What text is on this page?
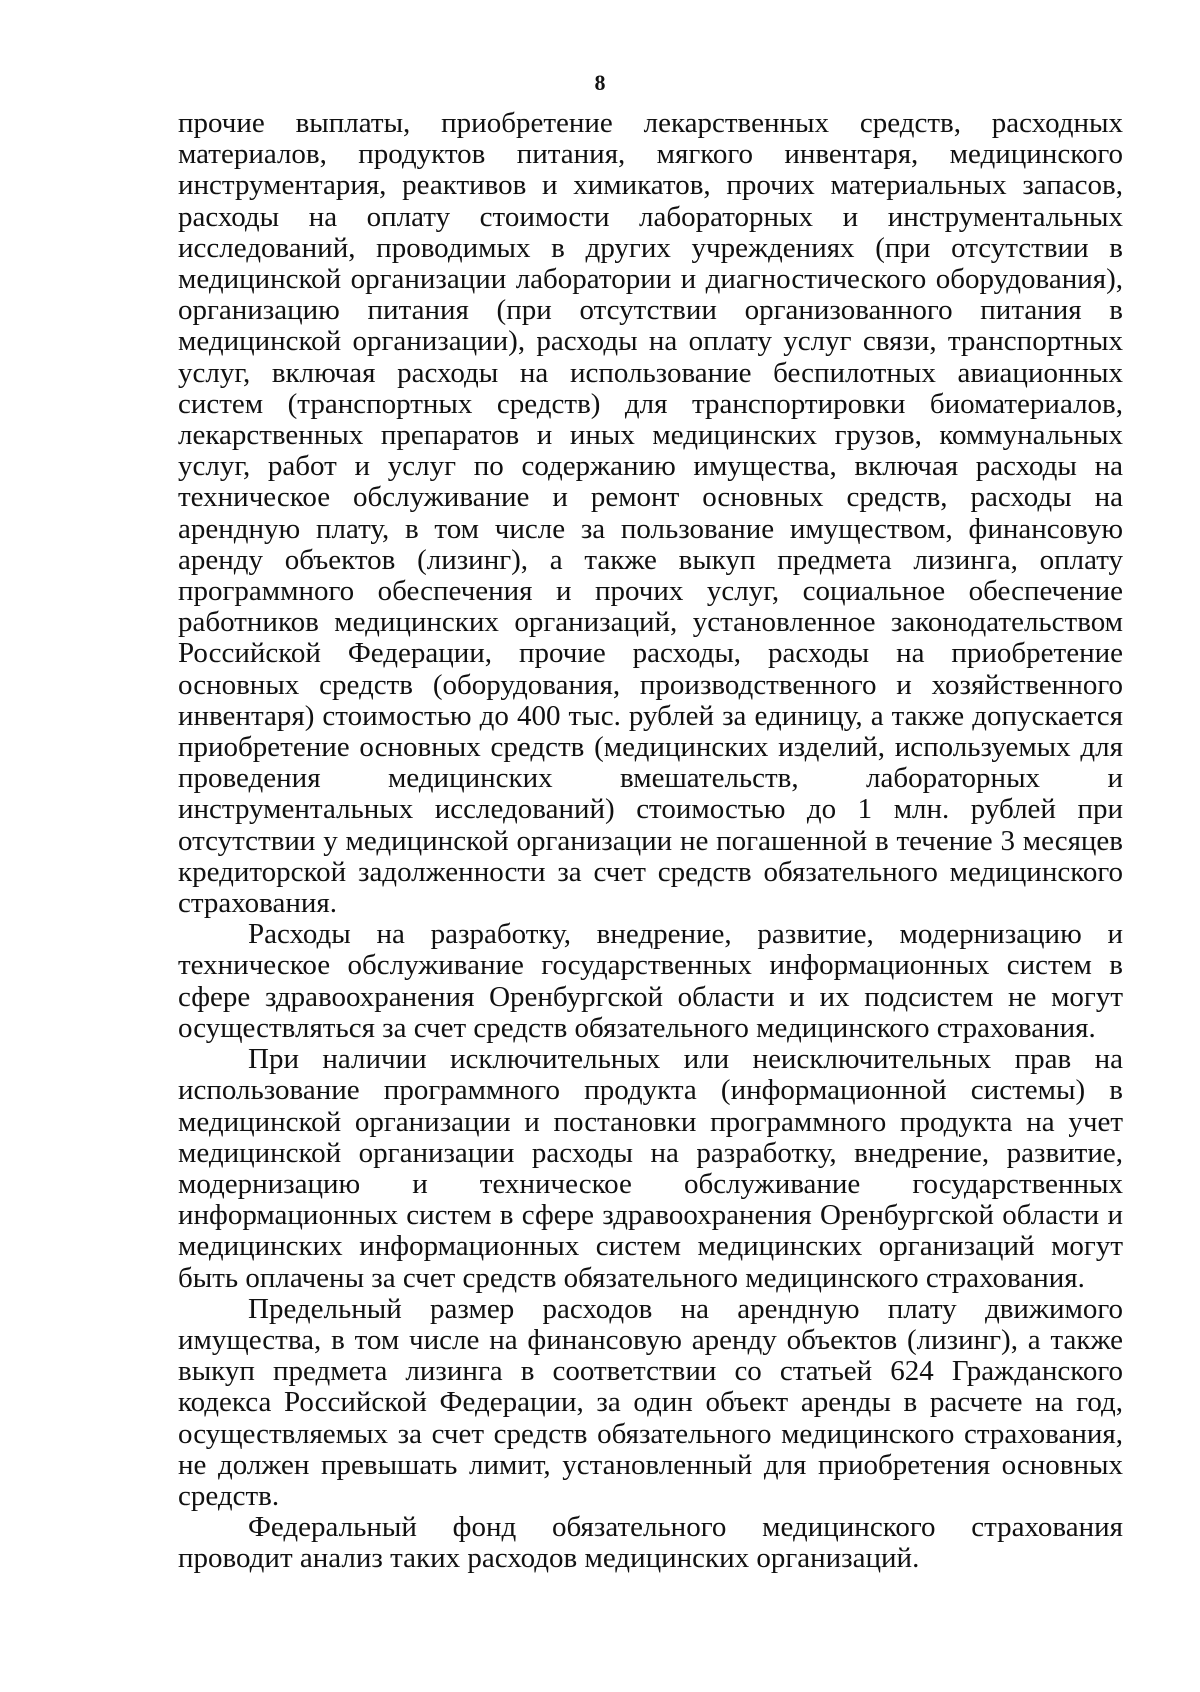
8

прочие выплаты, приобретение лекарственных средств, расходных материалов, продуктов питания, мягкого инвентаря, медицинского инструментария, реактивов и химикатов, прочих материальных запасов, расходы на оплату стоимости лабораторных и инструментальных исследований, проводимых в других учреждениях (при отсутствии в медицинской организации лаборатории и диагностического оборудования), организацию питания (при отсутствии организованного питания в медицинской организации), расходы на оплату услуг связи, транспортных услуг, включая расходы на использование беспилотных авиационных систем (транспортных средств) для транспортировки биоматериалов, лекарственных препаратов и иных медицинских грузов, коммунальных услуг, работ и услуг по содержанию имущества, включая расходы на техническое обслуживание и ремонт основных средств, расходы на арендную плату, в том числе за пользование имуществом, финансовую аренду объектов (лизинг), а также выкуп предмета лизинга, оплату программного обеспечения и прочих услуг, социальное обеспечение работников медицинских организаций, установленное законодательством Российской Федерации, прочие расходы, расходы на приобретение основных средств (оборудования, производственного и хозяйственного инвентаря) стоимостью до 400 тыс. рублей за единицу, а также допускается приобретение основных средств (медицинских изделий, используемых для проведения медицинских вмешательств, лабораторных и инструментальных исследований) стоимостью до 1 млн. рублей при отсутствии у медицинской организации не погашенной в течение 3 месяцев кредиторской задолженности за счет средств обязательного медицинского страхования.

Расходы на разработку, внедрение, развитие, модернизацию и техническое обслуживание государственных информационных систем в сфере здравоохранения Оренбургской области и их подсистем не могут осуществляться за счет средств обязательного медицинского страхования.

При наличии исключительных или неисключительных прав на использование программного продукта (информационной системы) в медицинской организации и постановки программного продукта на учет медицинской организации расходы на разработку, внедрение, развитие, модернизацию и техническое обслуживание государственных информационных систем в сфере здравоохранения Оренбургской области и медицинских информационных систем медицинских организаций могут быть оплачены за счет средств обязательного медицинского страхования.

Предельный размер расходов на арендную плату движимого имущества, в том числе на финансовую аренду объектов (лизинг), а также выкуп предмета лизинга в соответствии со статьей 624 Гражданского кодекса Российской Федерации, за один объект аренды в расчете на год, осуществляемых за счет средств обязательного медицинского страхования, не должен превышать лимит, установленный для приобретения основных средств.

Федеральный фонд обязательного медицинского страхования проводит анализ таких расходов медицинских организаций.
